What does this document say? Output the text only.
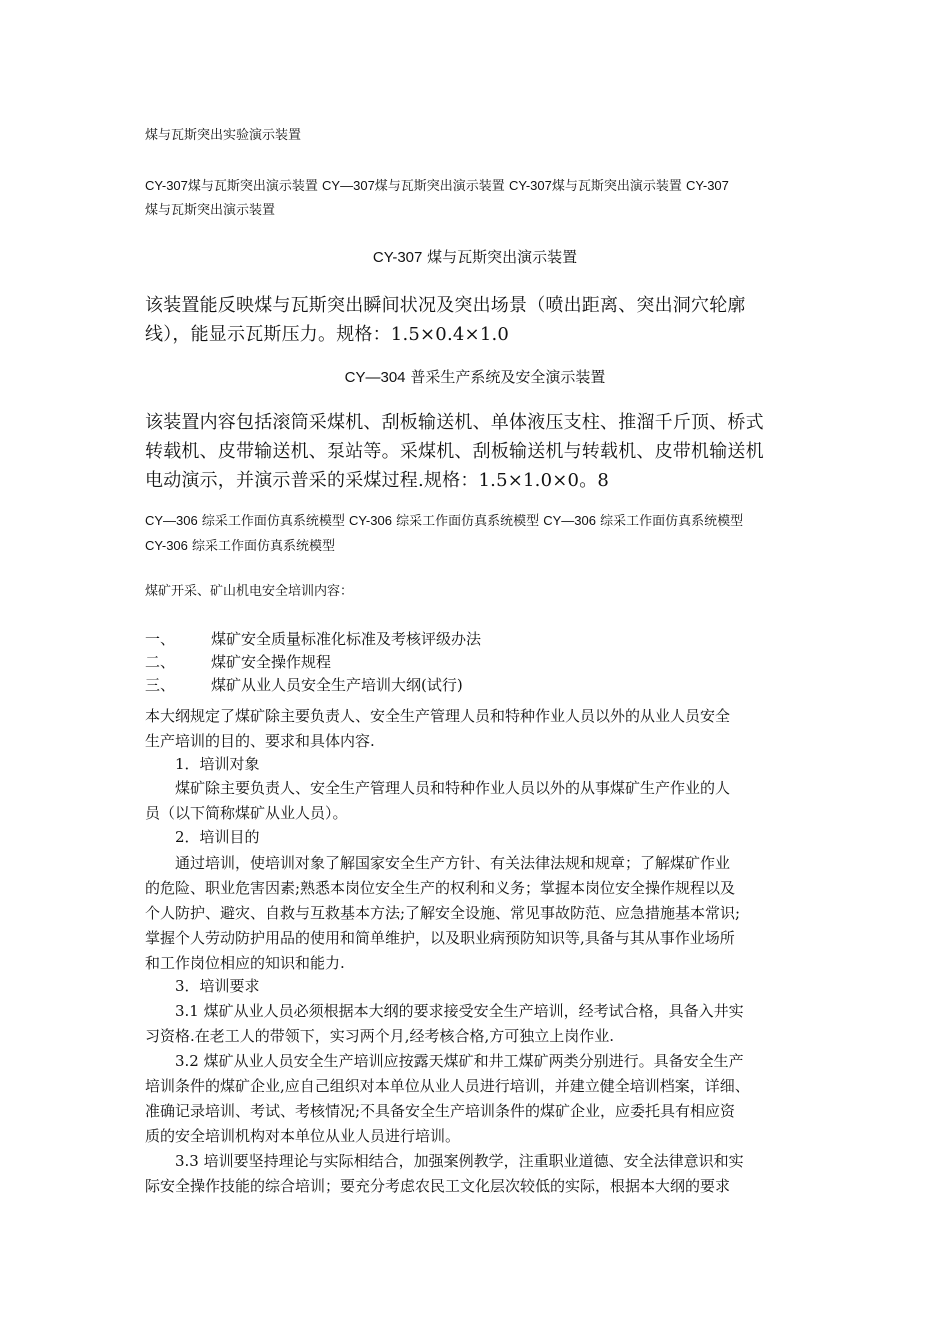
煤与瓦斯突出实验演示装置

CY-307煤与瓦斯突出演示装置 CY—307煤与瓦斯突出演示装置 CY-307煤与瓦斯突出演示装置 CY-307
煤与瓦斯突出演示装置

CY-307 煤与瓦斯突出演示装置

该装置能反映煤与瓦斯突出瞬间状况及突出场景（喷出距离、突出洞穴轮廓
线），能显示瓦斯压力。规格：1.5×0.4×1.0

CY—304 普采生产系统及安全演示装置

该装置内容包括滚筒采煤机、刮板输送机、单体液压支柱、推溜千斤顶、桥式
转载机、皮带输送机、泵站等。采煤机、刮板输送机与转载机、皮带机输送机
电动演示，并演示普采的采煤过程.规格：1.5×1.0×0。8

CY—306 综采工作面仿真系统模型 CY-306 综采工作面仿真系统模型 CY—306 综采工作面仿真系统模型
CY-306 综采工作面仿真系统模型

煤矿开采、矿山机电安全培训内容：

一、 煤矿安全质量标准化标准及考核评级办法
二、 煤矿安全操作规程
三、 煤矿从业人员安全生产培训大纲(试行)

本大纲规定了煤矿除主要负责人、安全生产管理人员和特种作业人员以外的从业人员安全
生产培训的目的、要求和具体内容.

1．培训对象

煤矿除主要负责人、安全生产管理人员和特种作业人员以外的从事煤矿生产作业的人
员（以下简称煤矿从业人员）。

2．培训目的

通过培训，使培训对象了解国家安全生产方针、有关法律法规和规章；了解煤矿作业
的危险、职业危害因素;熟悉本岗位安全生产的权利和义务；掌握本岗位安全操作规程以及
个人防护、避灾、自救与互救基本方法;了解安全设施、常见事故防范、应急措施基本常识;
掌握个人劳动防护用品的使用和简单维护，以及职业病预防知识等,具备与其从事作业场所
和工作岗位相应的知识和能力.

3．培训要求

3.1 煤矿从业人员必须根据本大纲的要求接受安全生产培训，经考试合格，具备入井实
习资格.在老工人的带领下，实习两个月,经考核合格,方可独立上岗作业.

3.2 煤矿从业人员安全生产培训应按露天煤矿和井工煤矿两类分别进行。具备安全生产
培训条件的煤矿企业,应自己组织对本单位从业人员进行培训，并建立健全培训档案，详细、
准确记录培训、考试、考核情况;不具备安全生产培训条件的煤矿企业，应委托具有相应资
质的安全培训机构对本单位从业人员进行培训。

3.3 培训要坚持理论与实际相结合，加强案例教学，注重职业道德、安全法律意识和实
际安全操作技能的综合培训；要充分考虑农民工文化层次较低的实际，根据本大纲的要求
